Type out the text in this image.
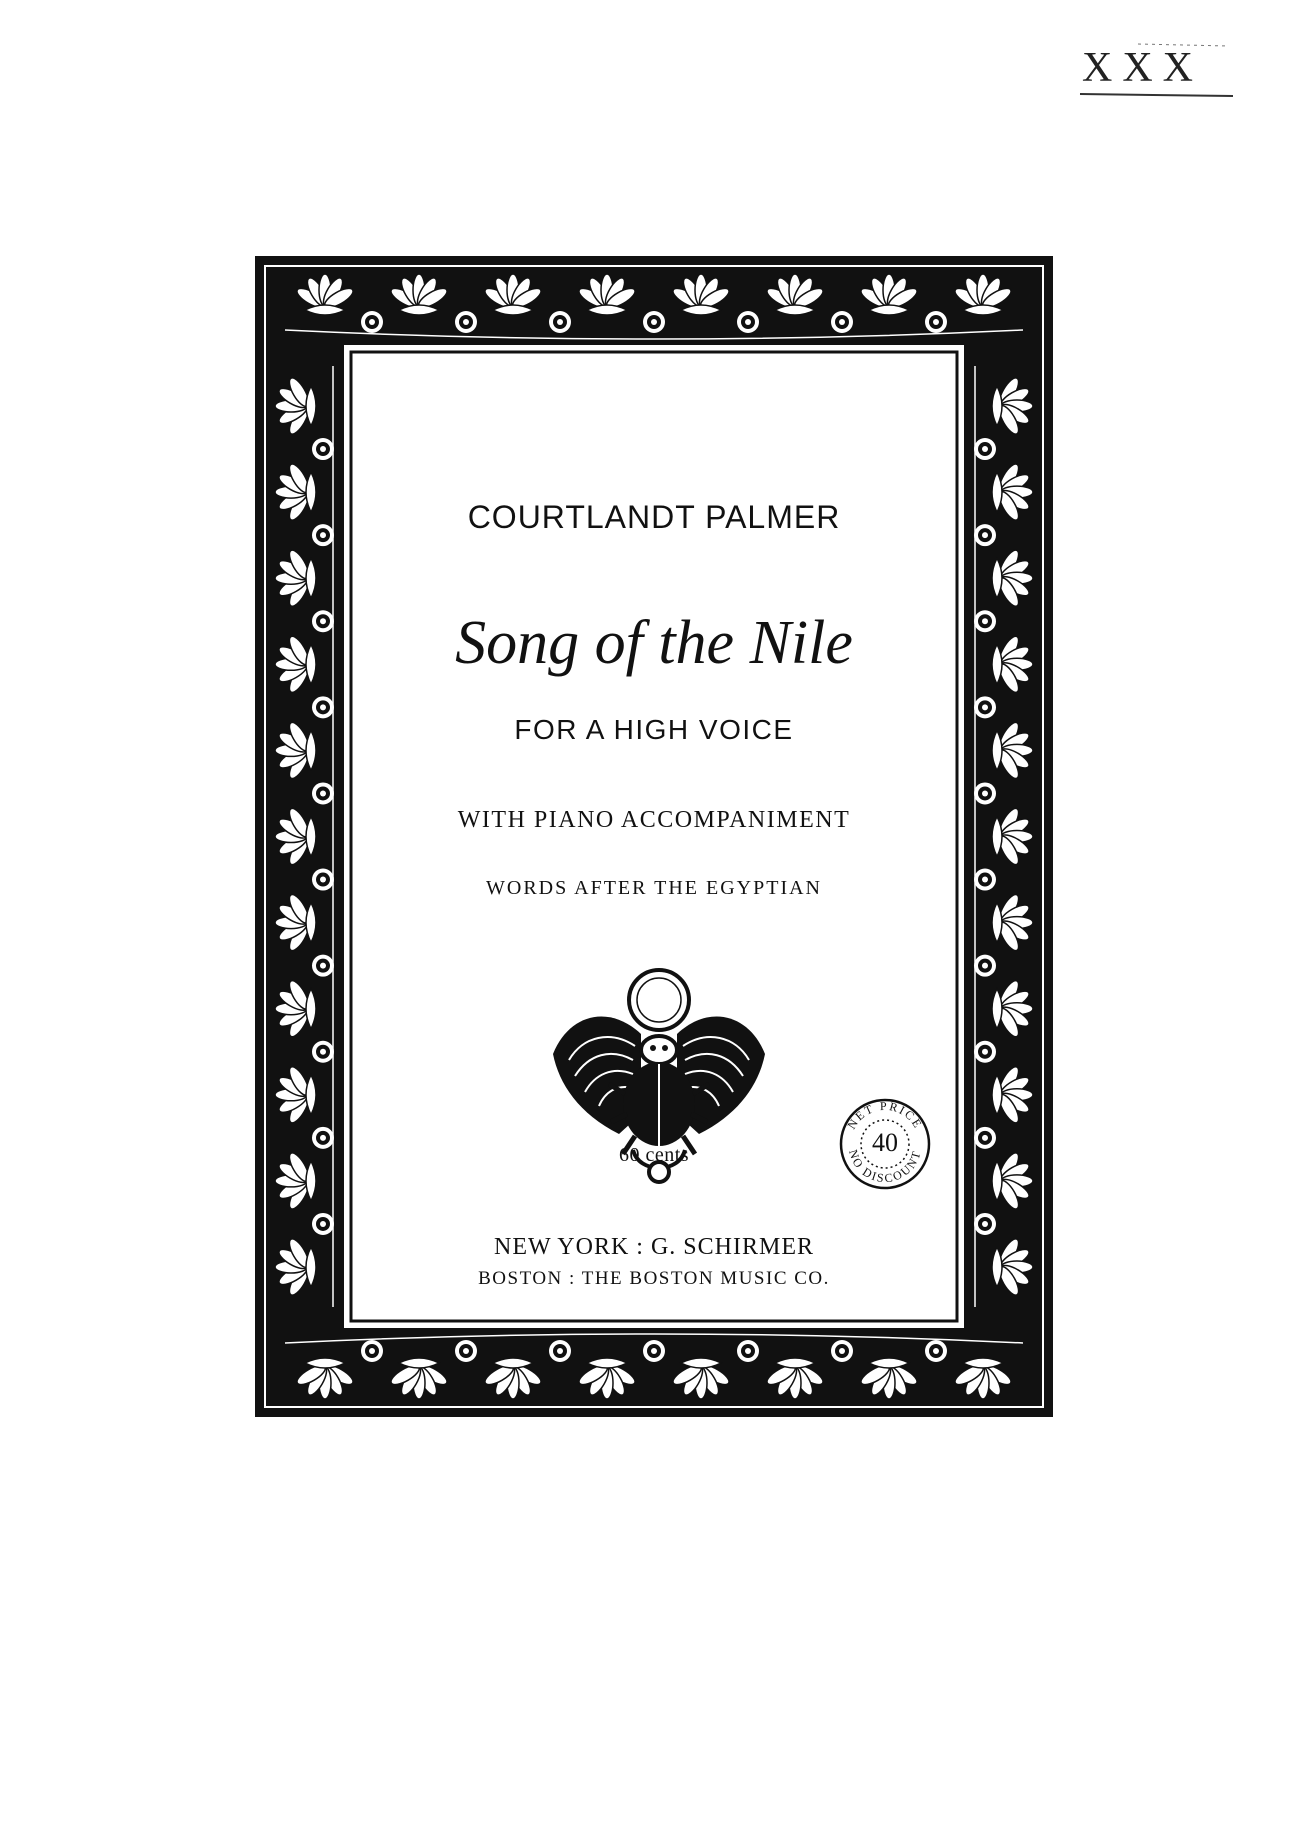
XXX
COURTLANDT PALMER
Song of the Nile
FOR A HIGH VOICE
WITH PIANO ACCOMPANIMENT
WORDS AFTER THE EGYPTIAN
60 cents
NET PRICE
NO DISCOUNT
40
NEW YORK : G. SCHIRMER
BOSTON : THE BOSTON MUSIC CO.
